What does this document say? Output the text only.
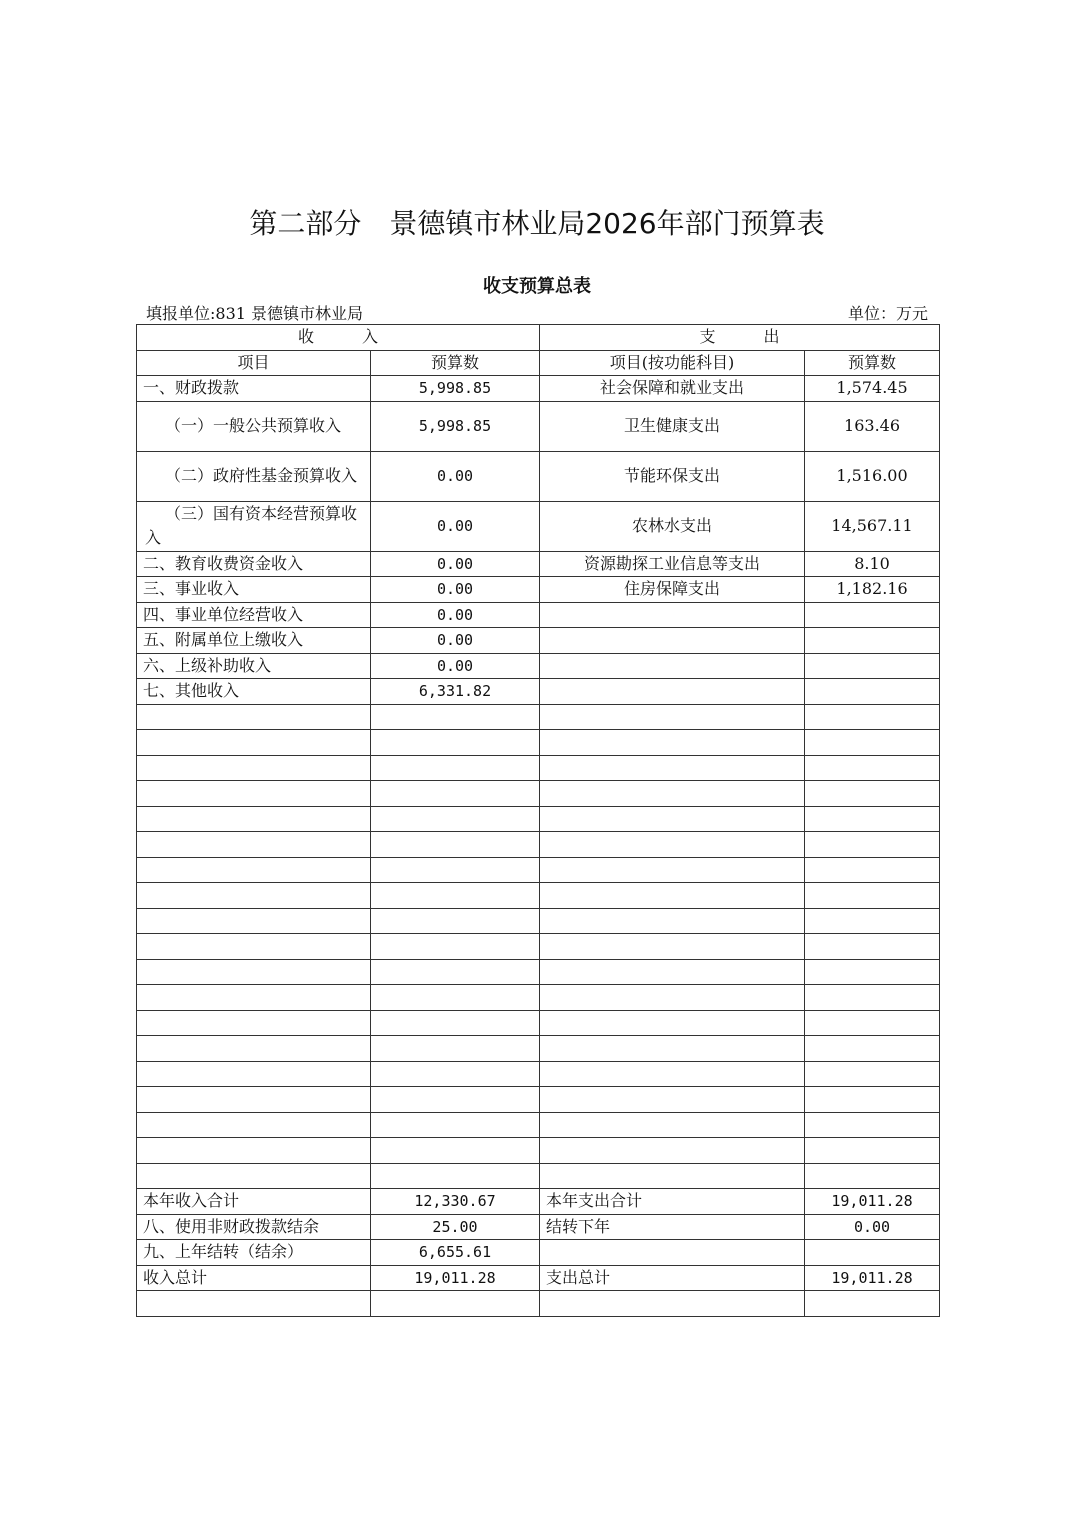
第二部分　景德镇市林业局2026年部门预算表
收支预算总表
填报单位:831 景德镇市林业局	单位：万元
收　　　入		支　　　出	
项目	预算数	项目(按功能科目)	预算数
一、财政拨款	5,998.85	社会保障和就业支出	1,574.45
（一）一般公共预算收入	5,998.85	卫生健康支出	163.46
（二）政府性基金预算收入	0.00	节能环保支出	1,516.00
（三）国有资本经营预算收入	0.00	农林水支出	14,567.11
二、教育收费资金收入	0.00	资源勘探工业信息等支出	8.10
三、事业收入	0.00	住房保障支出	1,182.16
四、事业单位经营收入	0.00		
五、附属单位上缴收入	0.00		
六、上级补助收入	0.00		
七、其他收入	6,331.82		

本年收入合计	12,330.67	本年支出合计	19,011.28
八、使用非财政拨款结余	25.00	结转下年	0.00
九、上年结转（结余）	6,655.61		
收入总计	19,011.28	支出总计	19,011.28
